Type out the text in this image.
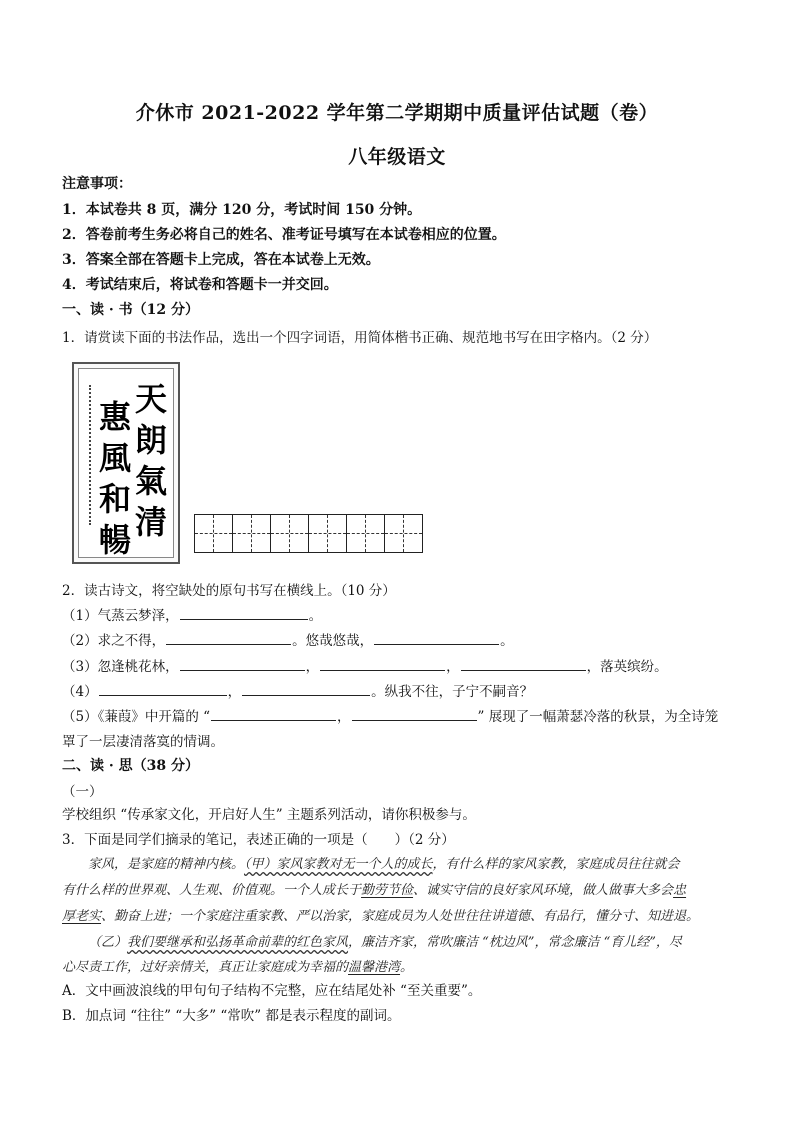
介休市 2021-2022 学年第二学期期中质量评估试题（卷）
八年级语文
注意事项：
1．本试卷共 8 页，满分 120 分，考试时间 150 分钟。
2．答卷前考生务必将自己的姓名、准考证号填写在本试卷相应的位置。
3．答案全部在答题卡上完成，答在本试卷上无效。
4．考试结束后，将试卷和答题卡一并交回。
一、读 · 书（12 分）
1．请赏读下面的书法作品，选出一个四字词语，用简体楷书正确、规范地书写在田字格内。（2 分）
天朗氣清
惠風和暢
2．读古诗文，将空缺处的原句书写在横线上。（10 分）
（1）气蒸云梦泽，	。
（2）求之不得，	。悠哉悠哉，	。
（3）忽逢桃花林，	，	，	，落英缤纷。
（4）	，	。纵我不往，子宁不嗣音？
（5）《蒹葭》中开篇的 “	，	” 展现了一幅萧瑟冷落的秋景，为全诗笼
罩了一层凄清落寞的情调。
二、读 · 思（38 分）
（一）
学校组织 “传承家文化，开启好人生” 主题系列活动，请你积极参与。
3．下面是同学们摘录的笔记，表述正确的一项是（　　）（2 分）
家风，是家庭的精神内核。（甲）家风家教对无一个人的成长，有什么样的家风家教，家庭成员往往就会
有什么样的世界观、人生观、价值观。一个人成长于勤劳节俭、诚实守信的良好家风环境，做人做事大多会忠
厚老实、勤奋上进；一个家庭注重家教、严以治家，家庭成员为人处世往往讲道德、有品行，懂分寸、知进退。
（乙）我们要继承和弘扬革命前辈的红色家风，廉洁齐家，常吹廉洁 “枕边风”，常念廉洁 “育儿经”，尽
心尽责工作，过好亲情关，真正让家庭成为幸福的温馨港湾。
A．文中画波浪线的甲句句子结构不完整，应在结尾处补 “至关重要”。
B．加点词 “往往” “大多” “常吹” 都是表示程度的副词。
